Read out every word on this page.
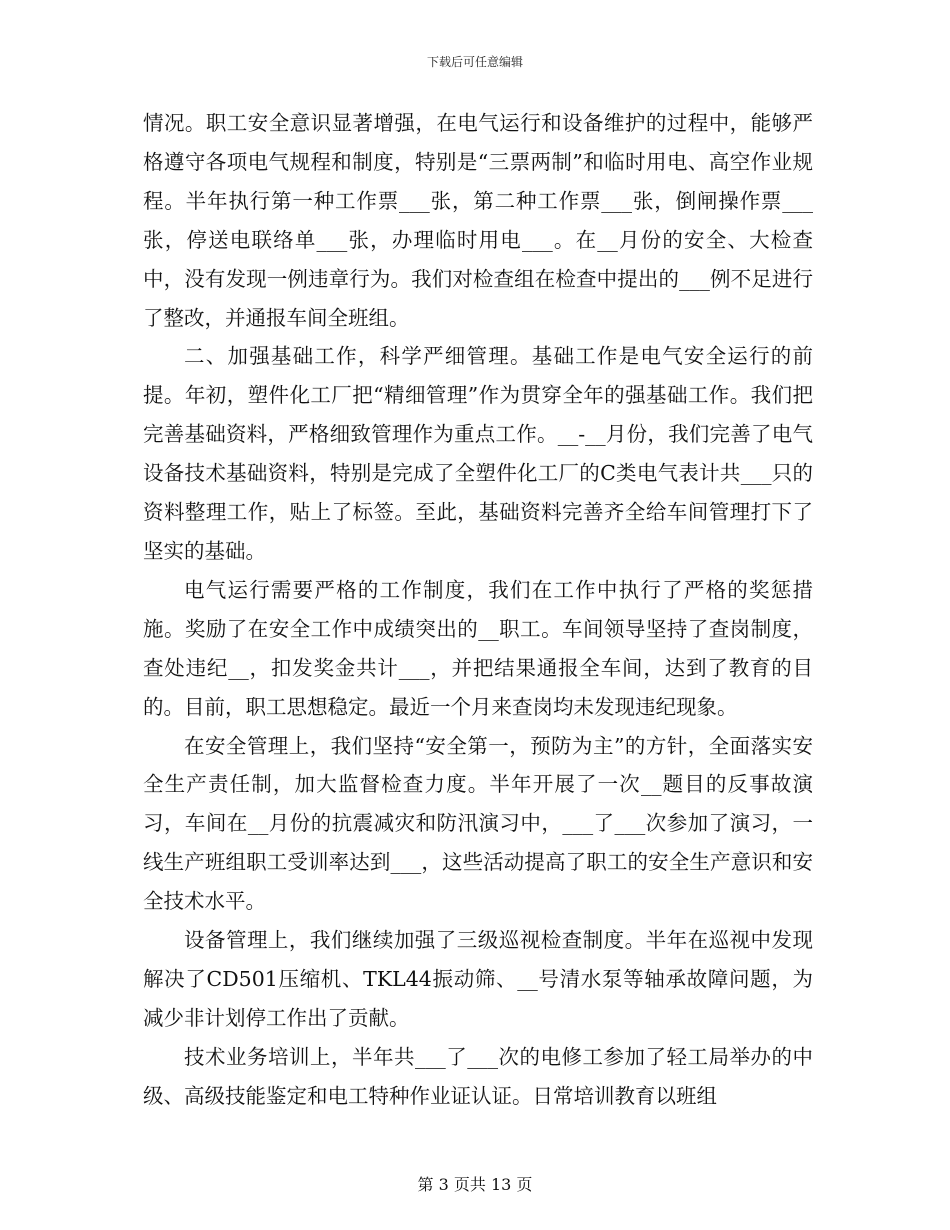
下载后可任意编辑

情况。职工安全意识显著增强，在电气运行和设备维护的过程中，能够严格遵守各项电气规程和制度，特别是“三票两制”和临时用电、高空作业规程。半年执行第一种工作票___张，第二种工作票___张，倒闸操作票___张，停送电联络单___张，办理临时用电___。在__月份的安全、大检查中，没有发现一例违章行为。我们对检查组在检查中提出的___例不足进行了整改，并通报车间全班组。

二、加强基础工作，科学严细管理。基础工作是电气安全运行的前提。年初，塑件化工厂把“精细管理”作为贯穿全年的强基础工作。我们把完善基础资料，严格细致管理作为重点工作。__-__月份，我们完善了电气设备技术基础资料，特别是完成了全塑件化工厂的C类电气表计共___只的资料整理工作，贴上了标签。至此，基础资料完善齐全给车间管理打下了坚实的基础。

电气运行需要严格的工作制度，我们在工作中执行了严格的奖惩措施。奖励了在安全工作中成绩突出的__职工。车间领导坚持了查岗制度，查处违纪__，扣发奖金共计___，并把结果通报全车间，达到了教育的目的。目前，职工思想稳定。最近一个月来查岗均未发现违纪现象。

在安全管理上，我们坚持“安全第一，预防为主”的方针，全面落实安全生产责任制，加大监督检查力度。半年开展了一次__题目的反事故演习，车间在__月份的抗震减灾和防汛演习中，___了___次参加了演习，一线生产班组职工受训率达到___，这些活动提高了职工的安全生产意识和安全技术水平。

设备管理上，我们继续加强了三级巡视检查制度。半年在巡视中发现解决了CD501压缩机、TKL44振动筛、__号清水泵等轴承故障问题，为减少非计划停工作出了贡献。

技术业务培训上，半年共___了___次的电修工参加了轻工局举办的中级、高级技能鉴定和电工特种作业证认证。日常培训教育以班组

第 3 页共 13 页
